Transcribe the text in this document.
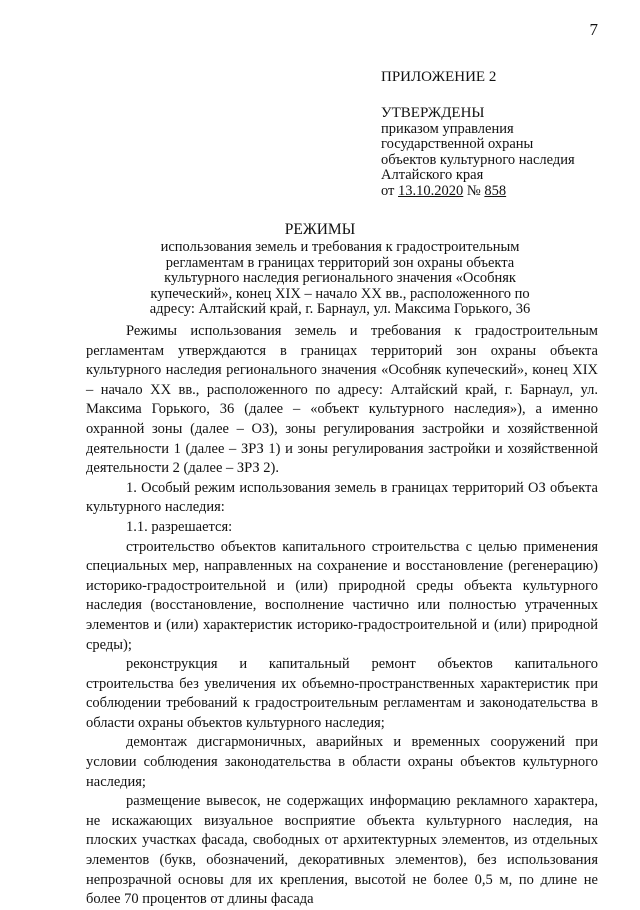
7
ПРИЛОЖЕНИЕ 2
УТВЕРЖДЕНЫ
приказом управления
государственной охраны
объектов культурного наследия
Алтайского края
от 13.10.2020 № 858
РЕЖИМЫ
использования земель и требования к градостроительным
регламентам в границах территорий зон охраны объекта
культурного наследия регионального значения «Особняк
купеческий», конец XIX – начало XX вв., расположенного по
адресу: Алтайский край, г. Барнаул, ул. Максима Горького, 36

Режимы использования земель и требования к градостроительным регламентам утверждаются в границах территорий зон охраны объекта культурного наследия регионального значения «Особняк купеческий», конец XIX – начало XX вв., расположенного по адресу: Алтайский край, г. Барнаул, ул. Максима Горького, 36 (далее – «объект культурного наследия»), а именно охранной зоны (далее – ОЗ), зоны регулирования застройки и хозяйственной деятельности 1 (далее – ЗРЗ 1) и зоны регулирования застройки и хозяйственной деятельности 2 (далее – ЗРЗ 2).

1. Особый режим использования земель в границах территорий ОЗ объекта культурного наследия:

1.1. разрешается:

строительство объектов капитального строительства с целью применения специальных мер, направленных на сохранение и восстановление (регенерацию) историко-градостроительной и (или) природной среды объекта культурного наследия (восстановление, восполнение частично или полностью утраченных элементов и (или) характеристик историко-градостроительной и (или) природной среды);

реконструкция и капитальный ремонт объектов капитального строительства без увеличения их объемно-пространственных характеристик при соблюдении требований к градостроительным регламентам и законодательства в области охраны объектов культурного наследия;

демонтаж дисгармоничных, аварийных и временных сооружений при условии соблюдения законодательства в области охраны объектов культурного наследия;

размещение вывесок, не содержащих информацию рекламного характера, не искажающих визуальное восприятие объекта культурного наследия, на плоских участках фасада, свободных от архитектурных элементов, из отдельных элементов (букв, обозначений, декоративных элементов), без использования непрозрачной основы для их крепления, высотой не более 0,5 м, по длине не более 70 процентов от длины фасада
